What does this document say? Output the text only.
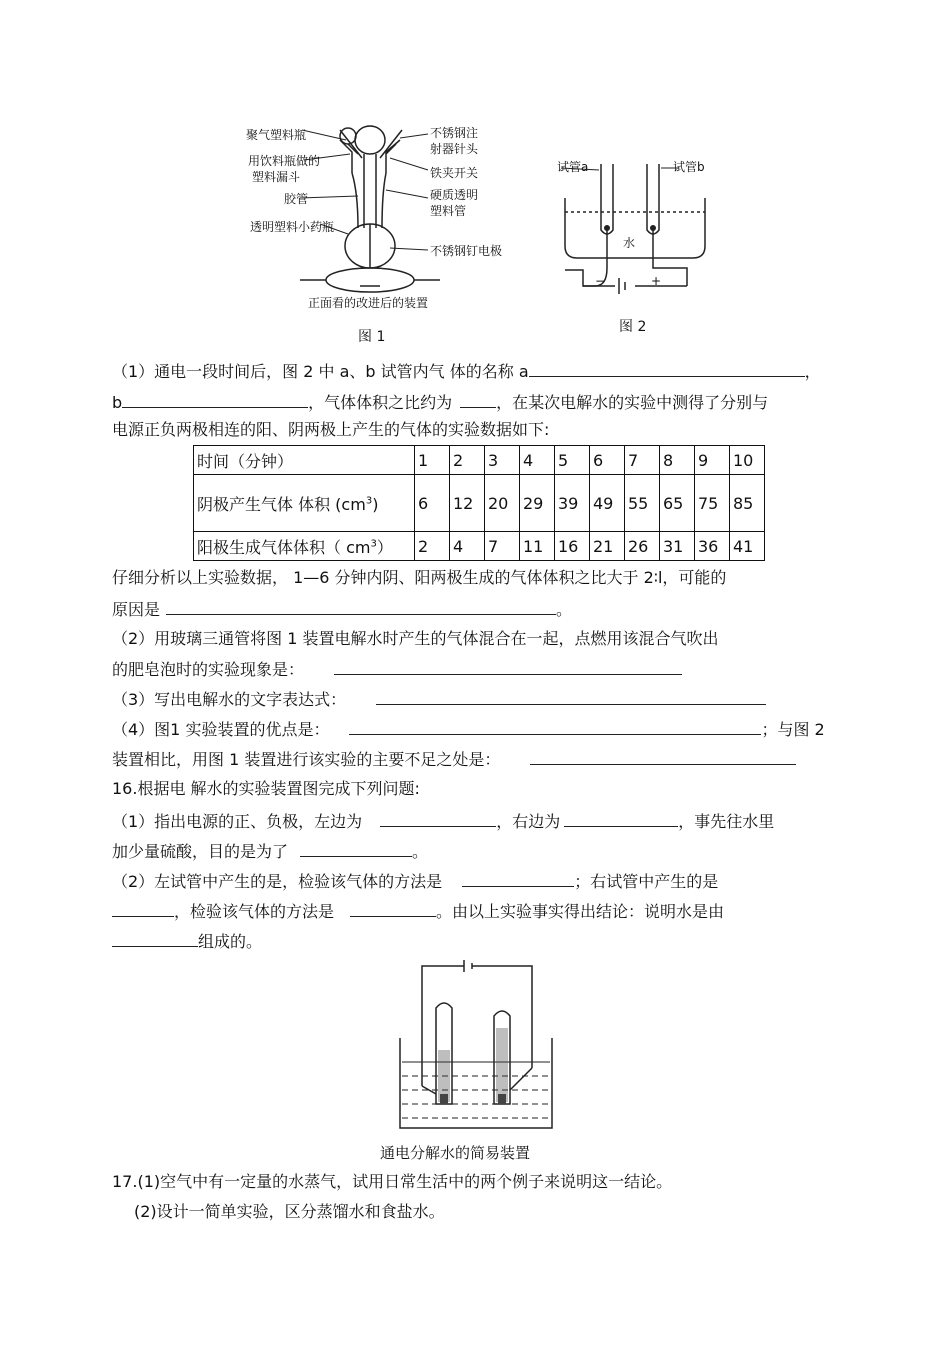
聚气塑料瓶
用饮料瓶做的
塑料漏斗
胶管
透明塑料小药瓶
不锈钢注
射器针头
铁夹开关
硬质透明
塑料管
不锈钢钉电极
正面看的改进后的装置
图 1
试管a	试管b
水
−	+
图 2
（1）通电一段时间后，图 2 中 a、b 试管内气 体的名称 a	，
b	，气体体积之比约为	，在某次电解水的实验中测得了分别与
电源正负两极相连的阳、阴两极上产生的气体的实验数据如下:
时间（分钟）	1	2	3	4	5	6	7	8	9	10
阴极产生气体 体积 $(cm^3)$	6	12	20	29	39	49	55	65	75	85
阳极生成气体体积（ $cm^3$）	2	4	7	11	16	21	26	31	36	41
仔细分析以上实验数据， 1—6 分钟内阴、阳两极生成的气体体积之比大于 2∶l，可能的
原因是	。
（2）用玻璃三通管将图 1 装置电解水时产生的气体混合在一起，点燃用该混合气吹出
的肥皂泡时的实验现象是：
（3）写出电解水的文字表达式：
（4）图1 实验装置的优点是：	；与图 2
装置相比，用图 1 装置进行该实验的主要不足之处是：
16.根据电 解水的实验装置图完成下列问题:
（1）指出电源的正、负极，左边为	，右边为	，事先往水里
加少量硫酸，目的是为了	。
（2）左试管中产生的是，检验该气体的方法是	；右试管中产生的是
，检验该气体的方法是	。由以上实验事实得出结论：说明水是由
组成的。
通电分解水的简易装置
17.(1)空气中有一定量的水蒸气，试用日常生活中的两个例子来说明这一结论。
(2)设计一简单实验，区分蒸馏水和食盐水。
